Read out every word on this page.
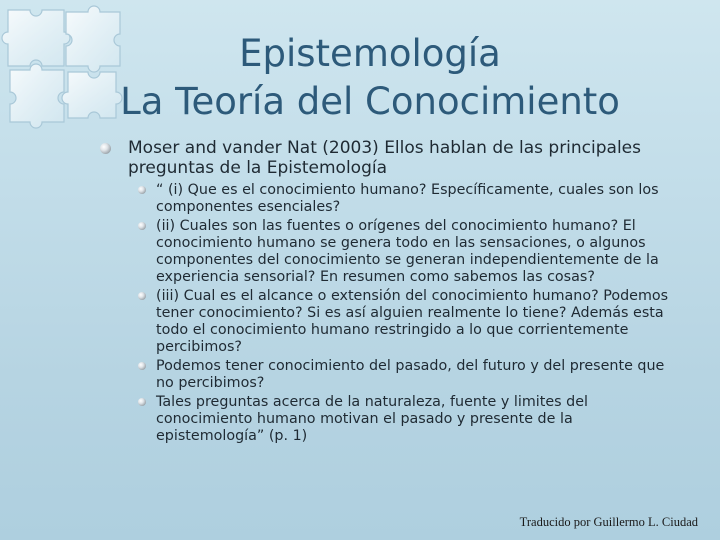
Epistemología
La Teoría del Conocimiento
Moser and vander Nat (2003) Ellos hablan de las principales preguntas de la Epistemología
“ (i) Que es el conocimiento humano? Específicamente, cuales son los componentes esenciales?
(ii) Cuales son las fuentes o orígenes del conocimiento humano? El conocimiento humano se genera todo en las sensaciones, o algunos componentes del conocimiento se generan independientemente de la experiencia sensorial? En resumen como sabemos las cosas?
(iii) Cual es el alcance o extensión del conocimiento humano? Podemos tener conocimiento? Si es así alguien realmente lo tiene? Además esta todo el conocimiento humano restringido a lo que corrientemente percibimos?
Podemos tener conocimiento del pasado, del futuro y del presente que no percibimos?
Tales preguntas acerca de la naturaleza, fuente y limites del conocimiento humano motivan el pasado y presente de la epistemología” (p. 1)
Traducido por Guillermo L. Ciudad
